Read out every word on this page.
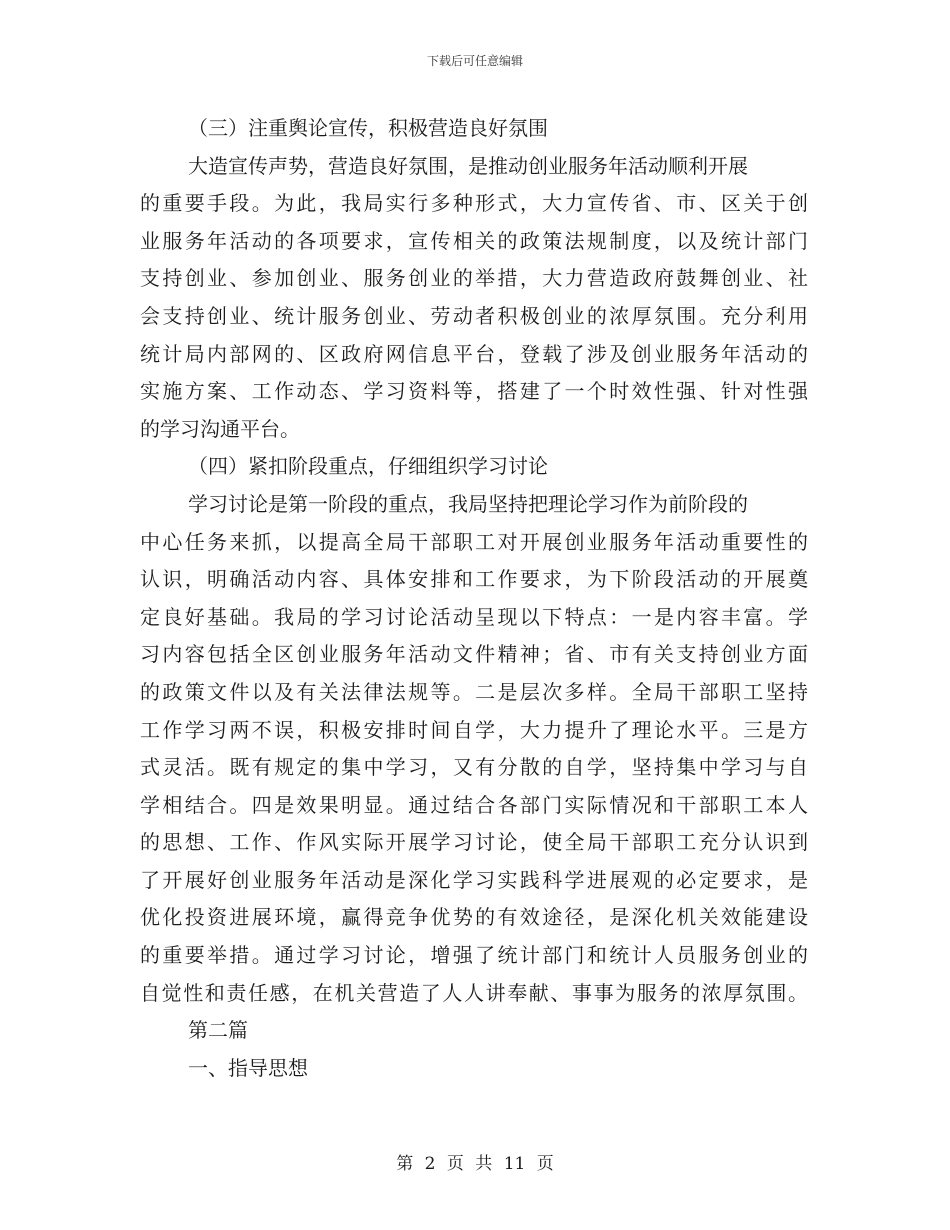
下载后可任意编辑
（三）注重舆论宣传，积极营造良好氛围
大造宣传声势，营造良好氛围，是推动创业服务年活动顺利开展
的重要手段。为此，我局实行多种形式，大力宣传省、市、区关于创
业服务年活动的各项要求，宣传相关的政策法规制度，以及统计部门
支持创业、参加创业、服务创业的举措，大力营造政府鼓舞创业、社
会支持创业、统计服务创业、劳动者积极创业的浓厚氛围。充分利用
统计局内部网的、区政府网信息平台，登载了涉及创业服务年活动的
实施方案、工作动态、学习资料等，搭建了一个时效性强、针对性强
的学习沟通平台。
（四）紧扣阶段重点，仔细组织学习讨论
学习讨论是第一阶段的重点，我局坚持把理论学习作为前阶段的
中心任务来抓，以提高全局干部职工对开展创业服务年活动重要性的
认识，明确活动内容、具体安排和工作要求，为下阶段活动的开展奠
定良好基础。我局的学习讨论活动呈现以下特点：一是内容丰富。学
习内容包括全区创业服务年活动文件精神；省、市有关支持创业方面
的政策文件以及有关法律法规等。二是层次多样。全局干部职工坚持
工作学习两不误，积极安排时间自学，大力提升了理论水平。三是方
式灵活。既有规定的集中学习，又有分散的自学，坚持集中学习与自
学相结合。四是效果明显。通过结合各部门实际情况和干部职工本人
的思想、工作、作风实际开展学习讨论，使全局干部职工充分认识到
了开展好创业服务年活动是深化学习实践科学进展观的必定要求，是
优化投资进展环境，赢得竞争优势的有效途径，是深化机关效能建设
的重要举措。通过学习讨论，增强了统计部门和统计人员服务创业的
自觉性和责任感，在机关营造了人人讲奉献、事事为服务的浓厚氛围。
第二篇
一、指导思想
第 2 页 共 11 页
